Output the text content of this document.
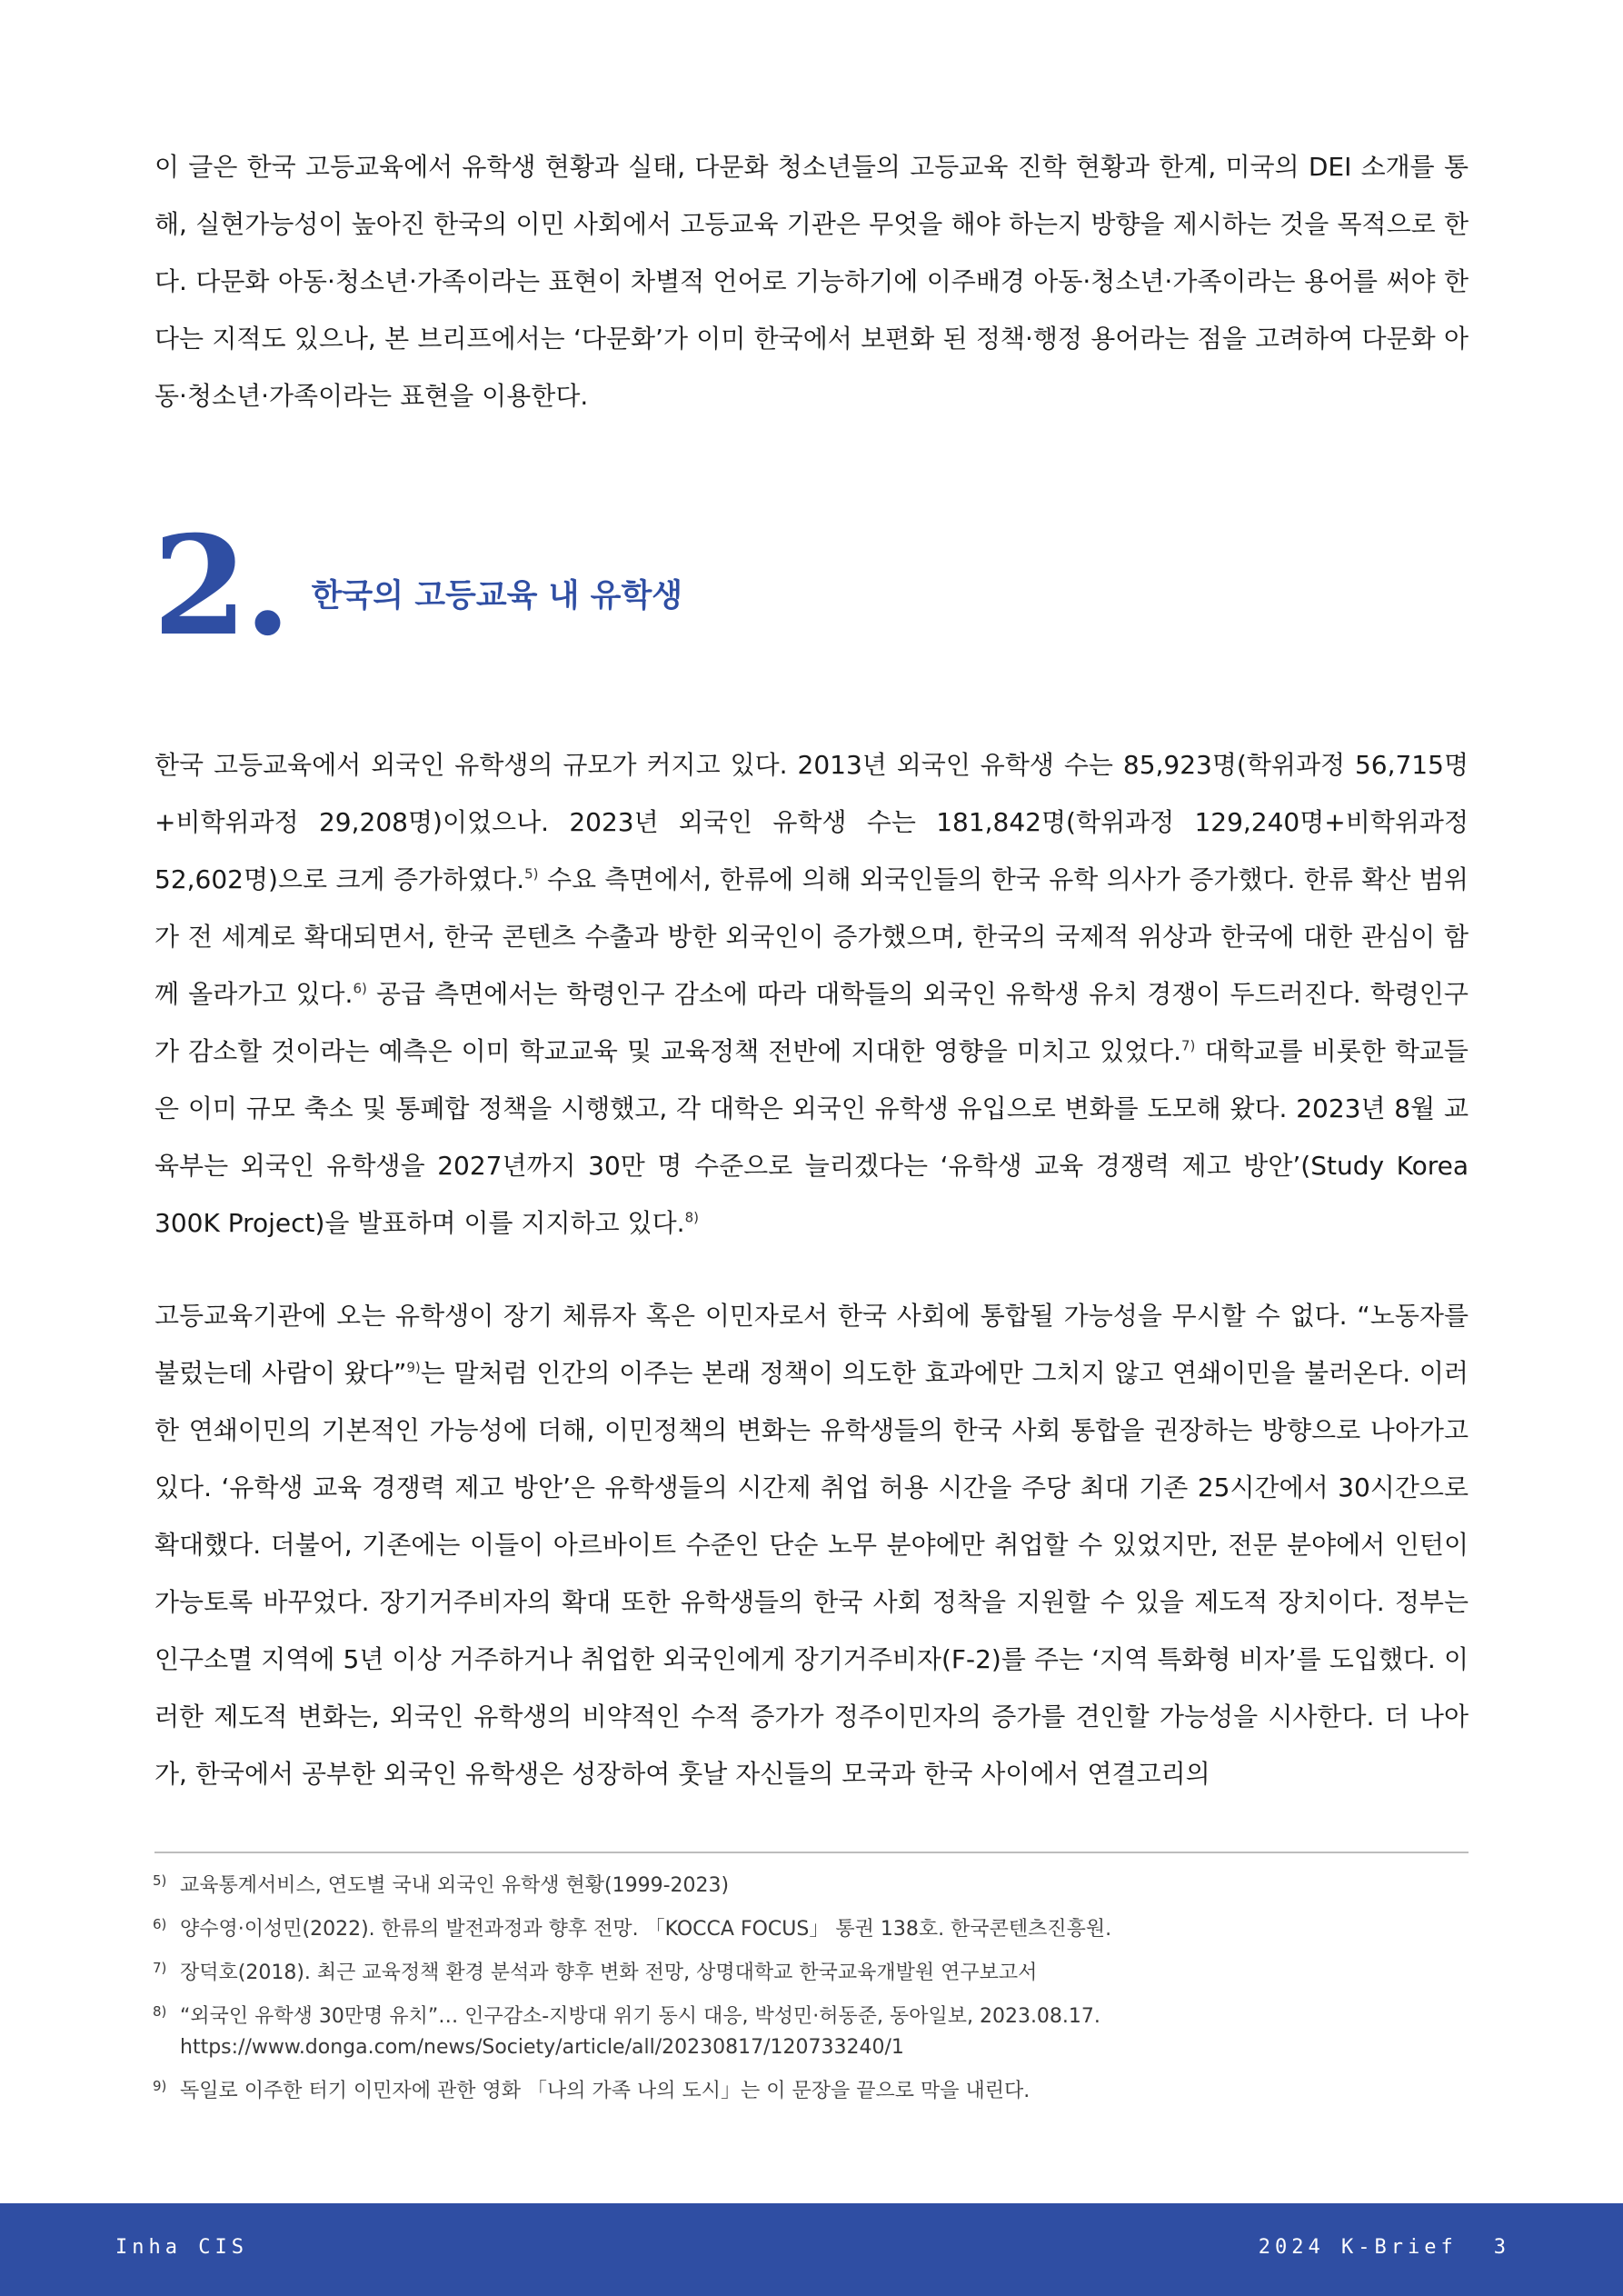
이 글은 한국 고등교육에서 유학생 현황과 실태, 다문화 청소년들의 고등교육 진학 현황과 한계, 미국의 DEI 소개를 통해, 실현가능성이 높아진 한국의 이민 사회에서 고등교육 기관은 무엇을 해야 하는지 방향을 제시하는 것을 목적으로 한다. 다문화 아동·청소년·가족이라는 표현이 차별적 언어로 기능하기에 이주배경 아동·청소년·가족이라는 용어를 써야 한다는 지적도 있으나, 본 브리프에서는 ‘다문화’가 이미 한국에서 보편화 된 정책·행정 용어라는 점을 고려하여 다문화 아동·청소년·가족이라는 표현을 이용한다.

2. 한국의 고등교육 내 유학생

한국 고등교육에서 외국인 유학생의 규모가 커지고 있다. 2013년 외국인 유학생 수는 85,923명(학위과정 56,715명+비학위과정 29,208명)이었으나. 2023년 외국인 유학생 수는 181,842명(학위과정 129,240명+비학위과정 52,602명)으로 크게 증가하였다.$^{5)}$ 수요 측면에서, 한류에 의해 외국인들의 한국 유학 의사가 증가했다. 한류 확산 범위가 전 세계로 확대되면서, 한국 콘텐츠 수출과 방한 외국인이 증가했으며, 한국의 국제적 위상과 한국에 대한 관심이 함께 올라가고 있다.$^{6)}$ 공급 측면에서는 학령인구 감소에 따라 대학들의 외국인 유학생 유치 경쟁이 두드러진다. 학령인구가 감소할 것이라는 예측은 이미 학교교육 및 교육정책 전반에 지대한 영향을 미치고 있었다.$^{7)}$ 대학교를 비롯한 학교들은 이미 규모 축소 및 통폐합 정책을 시행했고, 각 대학은 외국인 유학생 유입으로 변화를 도모해 왔다. 2023년 8월 교육부는 외국인 유학생을 2027년까지 30만 명 수준으로 늘리겠다는 ‘유학생 교육 경쟁력 제고 방안’(Study Korea 300K Project)을 발표하며 이를 지지하고 있다.$^{8)}$

고등교육기관에 오는 유학생이 장기 체류자 혹은 이민자로서 한국 사회에 통합될 가능성을 무시할 수 없다. “노동자를 불렀는데 사람이 왔다”$^{9)}$는 말처럼 인간의 이주는 본래 정책이 의도한 효과에만 그치지 않고 연쇄이민을 불러온다. 이러한 연쇄이민의 기본적인 가능성에 더해, 이민정책의 변화는 유학생들의 한국 사회 통합을 권장하는 방향으로 나아가고 있다. ‘유학생 교육 경쟁력 제고 방안’은 유학생들의 시간제 취업 허용 시간을 주당 최대 기존 25시간에서 30시간으로 확대했다. 더불어, 기존에는 이들이 아르바이트 수준인 단순 노무 분야에만 취업할 수 있었지만, 전문 분야에서 인턴이 가능토록 바꾸었다. 장기거주비자의 확대 또한 유학생들의 한국 사회 정착을 지원할 수 있을 제도적 장치이다. 정부는 인구소멸 지역에 5년 이상 거주하거나 취업한 외국인에게 장기거주비자(F-2)를 주는 ‘지역 특화형 비자’를 도입했다. 이러한 제도적 변화는, 외국인 유학생의 비약적인 수적 증가가 정주이민자의 증가를 견인할 가능성을 시사한다. 더 나아가, 한국에서 공부한 외국인 유학생은 성장하여 훗날 자신들의 모국과 한국 사이에서 연결고리의

5) 교육통계서비스, 연도별 국내 외국인 유학생 현황(1999-2023)
6) 양수영·이성민(2022). 한류의 발전과정과 향후 전망. 「KOCCA FOCUS」 통권 138호. 한국콘텐츠진흥원.
7) 장덕호(2018). 최근 교육정책 환경 분석과 향후 변화 전망, 상명대학교 한국교육개발원 연구보고서
8) “외국인 유학생 30만명 유치”… 인구감소-지방대 위기 동시 대응, 박성민·허동준, 동아일보, 2023.08.17.
https://www.donga.com/news/Society/article/all/20230817/120733240/1
9) 독일로 이주한 터기 이민자에 관한 영화 「나의 가족 나의 도시」는 이 문장을 끝으로 막을 내린다.
Inha CIS	2024 K-Brief 3
